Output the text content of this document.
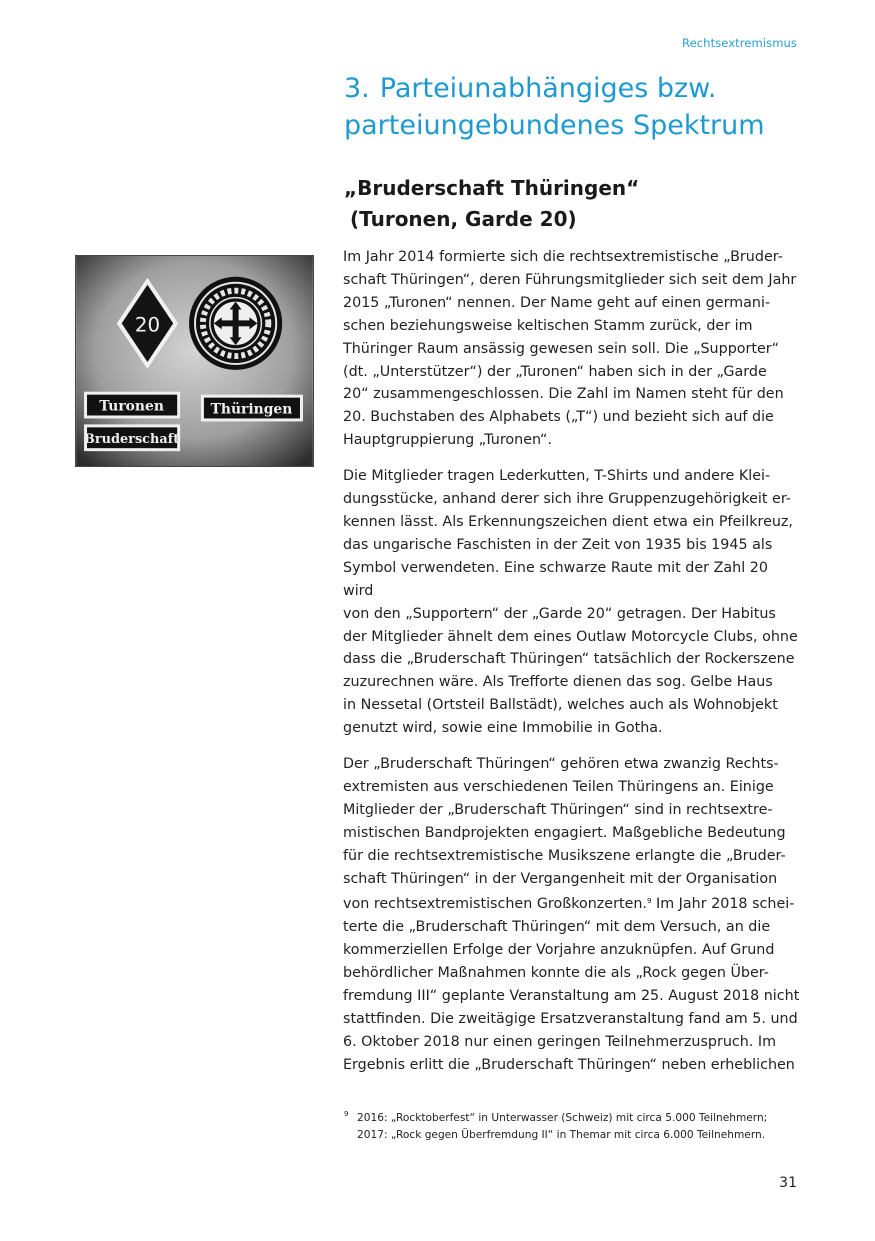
Rechtsextremismus
3. Parteiunabhängiges bzw. parteiungebundenes Spektrum
„Bruderschaft Thüringen“
(Turonen, Garde 20)
20
Turonen	Thüringen
Bruderschaft

Im Jahr 2014 formierte sich die rechtsextremistische „Bruder-
schaft Thüringen“, deren Führungsmitglieder sich seit dem Jahr
2015 „Turonen“ nennen. Der Name geht auf einen germani-
schen beziehungsweise keltischen Stamm zurück, der im
Thüringer Raum ansässig gewesen sein soll. Die „Supporter“
(dt. „Unterstützer“) der „Turonen“ haben sich in der „Garde
20“ zusammengeschlossen. Die Zahl im Namen steht für den
20. Buchstaben des Alphabets („T“) und bezieht sich auf die
Hauptgruppierung „Turonen“.

Die Mitglieder tragen Lederkutten, T-Shirts und andere Klei-
dungsstücke, anhand derer sich ihre Gruppenzugehörigkeit er-
kennen lässt. Als Erkennungszeichen dient etwa ein Pfeilkreuz,
das ungarische Faschisten in der Zeit von 1935 bis 1945 als
Symbol verwendeten. Eine schwarze Raute mit der Zahl 20 wird
von den „Supportern“ der „Garde 20“ getragen. Der Habitus
der Mitglieder ähnelt dem eines Outlaw Motorcycle Clubs, ohne
dass die „Bruderschaft Thüringen“ tatsächlich der Rockerszene
zuzurechnen wäre. Als Trefforte dienen das sog. Gelbe Haus
in Nessetal (Ortsteil Ballstädt), welches auch als Wohnobjekt
genutzt wird, sowie eine Immobilie in Gotha.

Der „Bruderschaft Thüringen“ gehören etwa zwanzig Rechts-
extremisten aus verschiedenen Teilen Thüringens an. Einige
Mitglieder der „Bruderschaft Thüringen“ sind in rechtsextre-
mistischen Bandprojekten engagiert. Maßgebliche Bedeutung
für die rechtsextremistische Musikszene erlangte die „Bruder-
schaft Thüringen“ in der Vergangenheit mit der Organisation
von rechtsextremistischen Großkonzerten.$^9$ Im Jahr 2018 schei-
terte die „Bruderschaft Thüringen“ mit dem Versuch, an die
kommerziellen Erfolge der Vorjahre anzuknüpfen. Auf Grund
behördlicher Maßnahmen konnte die als „Rock gegen Über-
fremdung III“ geplante Veranstaltung am 25. August 2018 nicht
stattfinden. Die zweitägige Ersatzveranstaltung fand am 5. und
6. Oktober 2018 nur einen geringen Teilnehmerzuspruch. Im
Ergebnis erlitt die „Bruderschaft Thüringen“ neben erheblichen

9 2016: „Rocktoberfest“ in Unterwasser (Schweiz) mit circa 5.000 Teilnehmern;
2017: „Rock gegen Überfremdung II“ in Themar mit circa 6.000 Teilnehmern.
31
